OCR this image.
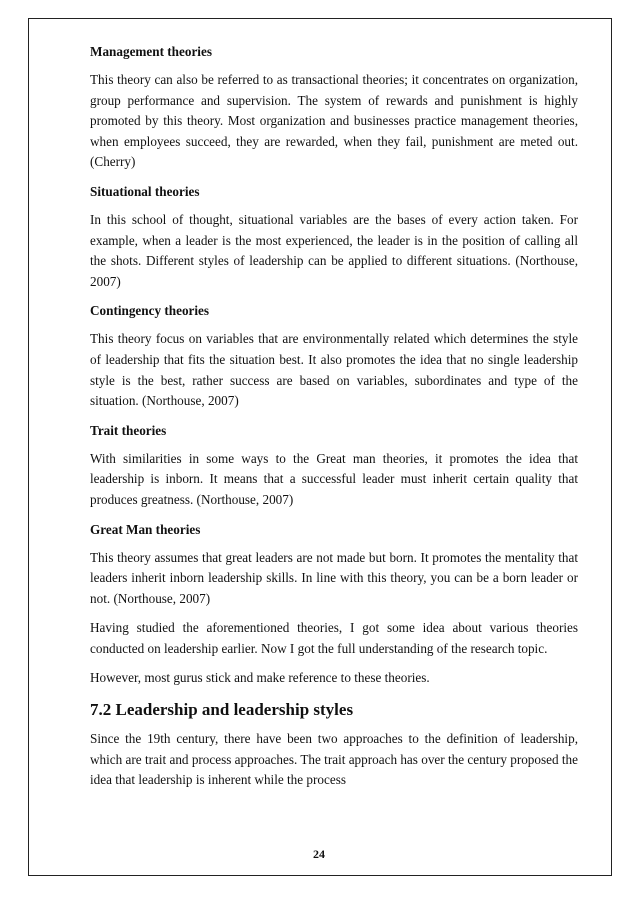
Management theories

This theory can also be referred to as transactional theories; it concentrates on organization, group performance and supervision. The system of rewards and punishment is highly promoted by this theory. Most organization and businesses practice management theories, when employees succeed, they are rewarded, when they fail, punishment are meted out. (Cherry)

Situational theories

In this school of thought, situational variables are the bases of every action taken. For example, when a leader is the most experienced, the leader is in the position of calling all the shots. Different styles of leadership can be applied to different situations. (Northouse, 2007)

Contingency theories

This theory focus on variables that are environmentally related which determines the style of leadership that fits the situation best. It also promotes the idea that no single leadership style is the best, rather success are based on variables, subordinates and type of the situation. (Northouse, 2007)

Trait theories

With similarities in some ways to the Great man theories, it promotes the idea that leadership is inborn. It means that a successful leader must inherit certain quality that produces greatness. (Northouse, 2007)

Great Man theories

This theory assumes that great leaders are not made but born. It promotes the mentality that leaders inherit inborn leadership skills. In line with this theory, you can be a born leader or not. (Northouse, 2007)

Having studied the aforementioned theories, I got some idea about various theories conducted on leadership earlier. Now I got the full understanding of the research topic.

However, most gurus stick and make reference to these theories.

7.2 Leadership and leadership styles

Since the 19th century, there have been two approaches to the definition of leadership, which are trait and process approaches. The trait approach has over the century proposed the idea that leadership is inherent while the process

24
